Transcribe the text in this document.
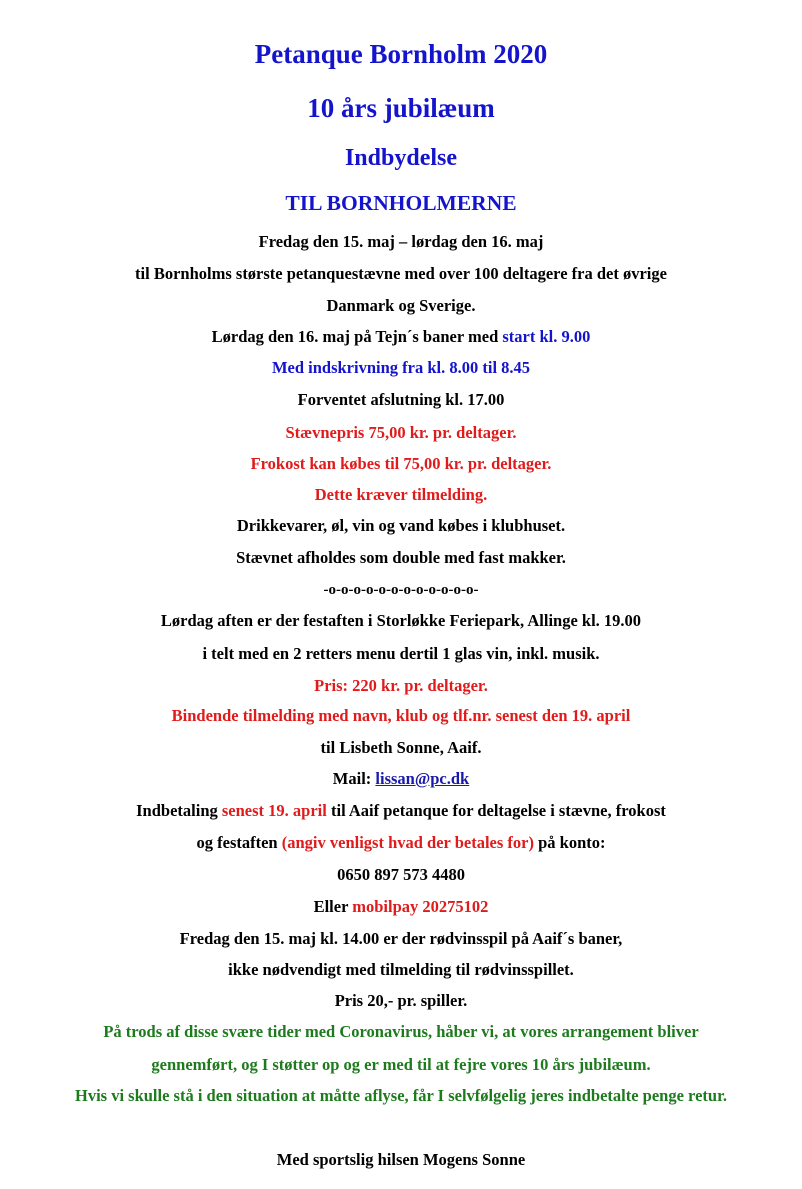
Petanque Bornholm 2020
10 års jubilæum
Indbydelse
TIL BORNHOLMERNE
Fredag den 15. maj – lørdag den 16. maj
til Bornholms største petanquestævne med over 100 deltagere fra det øvrige
Danmark og Sverige.
Lørdag den 16. maj på Tejn´s baner med start kl. 9.00
Med indskrivning fra kl. 8.00 til 8.45
Forventet afslutning kl. 17.00
Stævnepris 75,00 kr. pr. deltager.
Frokost kan købes til 75,00 kr. pr. deltager.
Dette kræver tilmelding.
Drikkevarer, øl, vin og vand købes i klubhuset.
Stævnet afholdes som double med fast makker.
-o-o-o-o-o-o-o-o-o-o-o-o-
Lørdag aften er der festaften i Storløkke Feriepark, Allinge kl. 19.00
i telt med en 2 retters menu dertil 1 glas vin, inkl. musik.
Pris: 220 kr. pr. deltager.
Bindende tilmelding med navn, klub og tlf.nr. senest den 19. april
til Lisbeth Sonne, Aaif.
Mail: lissan@pc.dk
Indbetaling senest 19. april til Aaif petanque for deltagelse i stævne, frokost
og festaften (angiv venligst hvad der betales for) på konto:
0650 897 573 4480
Eller mobilpay 20275102
Fredag den 15. maj kl. 14.00 er der rødvinsspil på Aaif´s baner,
ikke nødvendigt med tilmelding til rødvinsspillet.
Pris 20,- pr. spiller.
På trods af disse svære tider med Coronavirus, håber vi, at vores arrangement bliver
gennemført, og I støtter op og er med til at fejre vores 10 års jubilæum.
Hvis vi skulle stå i den situation at måtte aflyse, får I selvfølgelig jeres indbetalte penge retur.
Med sportslig hilsen Mogens Sonne
